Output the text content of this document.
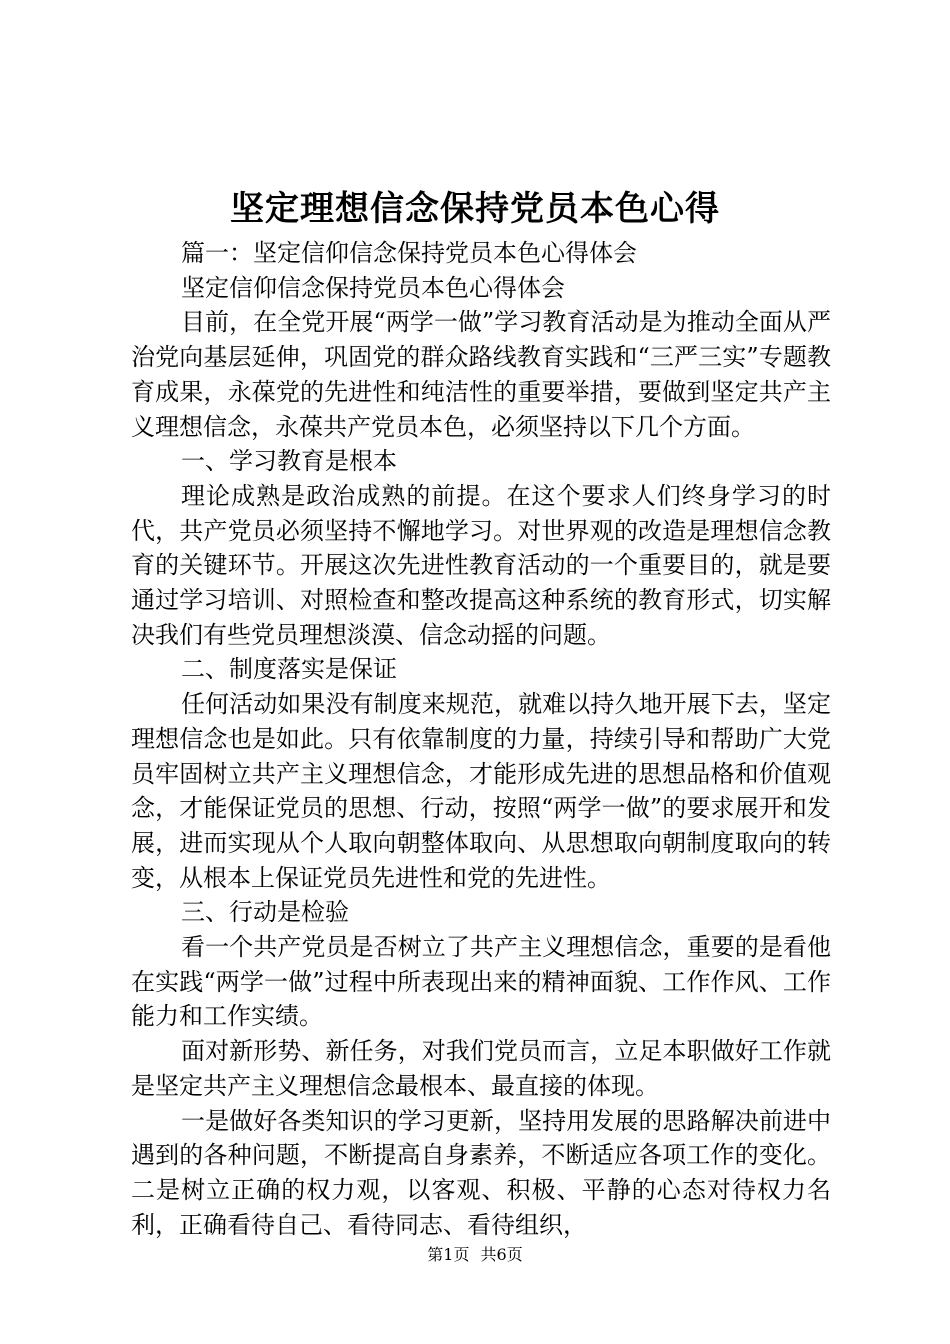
坚定理想信念保持党员本色心得

篇一：坚定信仰信念保持党员本色心得体会

坚定信仰信念保持党员本色心得体会

目前，在全党开展“两学一做”学习教育活动是为推动全面从严治党向基层延伸，巩固党的群众路线教育实践和“三严三实”专题教育成果，永葆党的先进性和纯洁性的重要举措，要做到坚定共产主义理想信念，永葆共产党员本色，必须坚持以下几个方面。

一、学习教育是根本

理论成熟是政治成熟的前提。在这个要求人们终身学习的时代，共产党员必须坚持不懈地学习。对世界观的改造是理想信念教育的关键环节。开展这次先进性教育活动的一个重要目的，就是要通过学习培训、对照检查和整改提高这种系统的教育形式，切实解决我们有些党员理想淡漠、信念动摇的问题。

二、制度落实是保证

任何活动如果没有制度来规范，就难以持久地开展下去，坚定理想信念也是如此。只有依靠制度的力量，持续引导和帮助广大党员牢固树立共产主义理想信念，才能形成先进的思想品格和价值观念，才能保证党员的思想、行动，按照“两学一做”的要求展开和发展，进而实现从个人取向朝整体取向、从思想取向朝制度取向的转变，从根本上保证党员先进性和党的先进性。

三、行动是检验

看一个共产党员是否树立了共产主义理想信念，重要的是看他在实践“两学一做”过程中所表现出来的精神面貌、工作作风、工作能力和工作实绩。

面对新形势、新任务，对我们党员而言，立足本职做好工作就是坚定共产主义理想信念最根本、最直接的体现。

一是做好各类知识的学习更新，坚持用发展的思路解决前进中遇到的各种问题，不断提高自身素养，不断适应各项工作的变化。二是树立正确的权力观，以客观、积极、平静的心态对待权力名利，正确看待自己、看待同志、看待组织，

第1页 共6页
